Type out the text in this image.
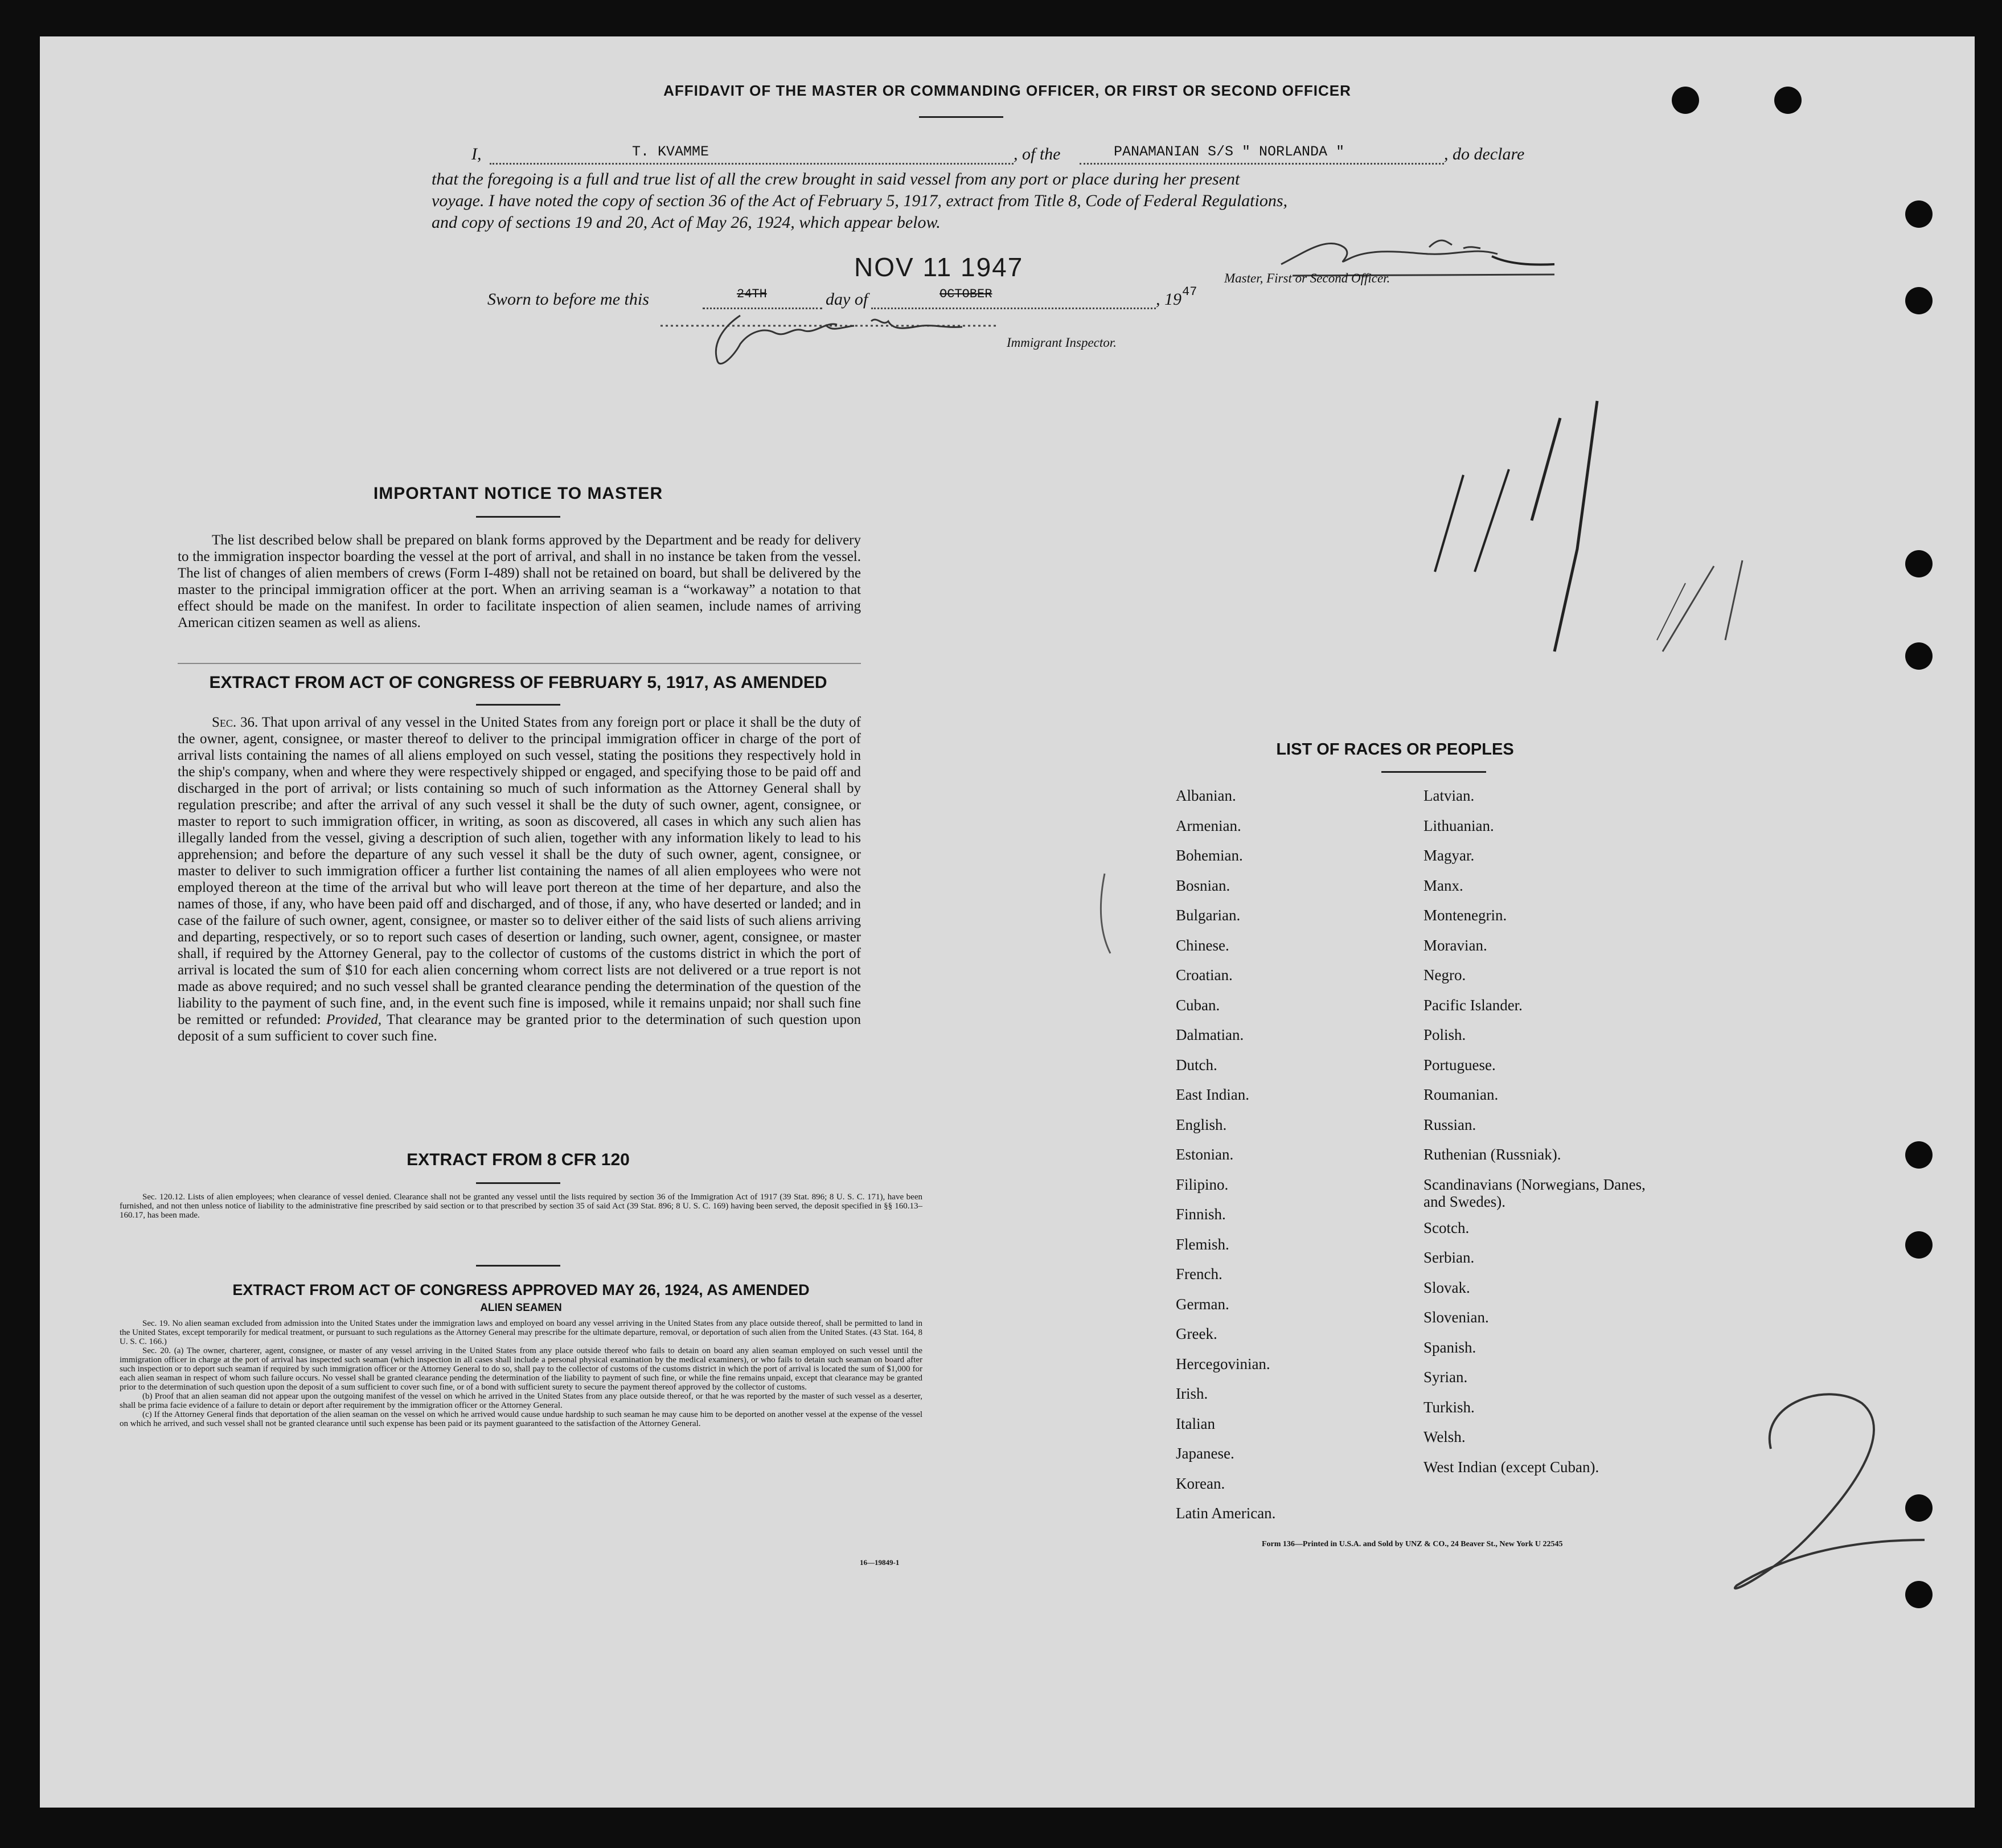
AFFIDAVIT OF THE MASTER OR COMMANDING OFFICER, OR FIRST OR SECOND OFFICER
I,	T. KVAMME	, of the	PANAMANIAN S/S " NORLANDA "	, do declare
that the foregoing is a full and true list of all the crew brought in said vessel from any port or place during her present
voyage. I have noted the copy of section 36 of the Act of February 5, 1917, extract from Title 8, Code of Federal Regulations,
and copy of sections 19 and 20, Act of May 26, 1924, which appear below.
Master, First or Second Officer.
NOV 11 1947
Sworn to before me this	24TH	day of	OCTOBER	, 19 47
Immigrant Inspector.
IMPORTANT NOTICE TO MASTER
The list described below shall be prepared on blank forms approved by the Department and be ready for delivery to the immigration inspector boarding the vessel at the port of arrival, and shall in no instance be taken from the vessel. The list of changes of alien members of crews (Form I-489) shall not be retained on board, but shall be delivered by the master to the principal immigration officer at the port. When an arriving seaman is a “workaway” a notation to that effect should be made on the manifest. In order to facilitate inspection of alien seamen, include names of arriving American citizen seamen as well as aliens.
EXTRACT FROM ACT OF CONGRESS OF FEBRUARY 5, 1917, AS AMENDED
Sec. 36. That upon arrival of any vessel in the United States from any foreign port or place it shall be the duty of the owner, agent, consignee, or master thereof to deliver to the principal immigration officer in charge of the port of arrival lists containing the names of all aliens employed on such vessel, stating the positions they respectively hold in the ship's company, when and where they were respectively shipped or engaged, and specifying those to be paid off and discharged in the port of arrival; or lists containing so much of such information as the Attorney General shall by regulation prescribe; and after the arrival of any such vessel it shall be the duty of such owner, agent, consignee, or master to report to such immigration officer, in writing, as soon as discovered, all cases in which any such alien has illegally landed from the vessel, giving a description of such alien, together with any information likely to lead to his apprehension; and before the departure of any such vessel it shall be the duty of such owner, agent, consignee, or master to deliver to such immigration officer a further list containing the names of all alien employees who were not employed thereon at the time of the arrival but who will leave port thereon at the time of her departure, and also the names of those, if any, who have been paid off and discharged, and of those, if any, who have deserted or landed; and in case of the failure of such owner, agent, consignee, or master so to deliver either of the said lists of such aliens arriving and departing, respectively, or so to report such cases of desertion or landing, such owner, agent, consignee, or master shall, if required by the Attorney General, pay to the collector of customs of the customs district in which the port of arrival is located the sum of $10 for each alien concerning whom correct lists are not delivered or a true report is not made as above required; and no such vessel shall be granted clearance pending the determination of the question of the liability to the payment of such fine, and, in the event such fine is imposed, while it remains unpaid; nor shall such fine be remitted or refunded: Provided, That clearance may be granted prior to the determination of such question upon deposit of a sum sufficient to cover such fine.
EXTRACT FROM 8 CFR 120
Sec. 120.12. Lists of alien employees; when clearance of vessel denied. Clearance shall not be granted any vessel until the lists required by section 36 of the Immigration Act of 1917 (39 Stat. 896; 8 U. S. C. 171), have been furnished, and not then unless notice of liability to the administrative fine prescribed by said section or to that prescribed by section 35 of said Act (39 Stat. 896; 8 U. S. C. 169) having been served, the deposit specified in §§ 160.13–160.17, has been made.
EXTRACT FROM ACT OF CONGRESS APPROVED MAY 26, 1924, AS AMENDED
ALIEN SEAMEN
Sec. 19. No alien seaman excluded from admission into the United States under the immigration laws and employed on board any vessel arriving in the United States from any place outside thereof, shall be permitted to land in the United States, except temporarily for medical treatment, or pursuant to such regulations as the Attorney General may prescribe for the ultimate departure, removal, or deportation of such alien from the United States. (43 Stat. 164, 8 U. S. C. 166.)
Sec. 20. (a) The owner, charterer, agent, consignee, or master of any vessel arriving in the United States from any place outside thereof who fails to detain on board any alien seaman employed on such vessel until the immigration officer in charge at the port of arrival has inspected such seaman (which inspection in all cases shall include a personal physical examination by the medical examiners), or who fails to detain such seaman on board after such inspection or to deport such seaman if required by such immigration officer or the Attorney General to do so, shall pay to the collector of customs of the customs district in which the port of arrival is located the sum of $1,000 for each alien seaman in respect of whom such failure occurs. No vessel shall be granted clearance pending the determination of the liability to payment of such fine, or while the fine remains unpaid, except that clearance may be granted prior to the determination of such question upon the deposit of a sum sufficient to cover such fine, or of a bond with sufficient surety to secure the payment thereof approved by the collector of customs.
(b) Proof that an alien seaman did not appear upon the outgoing manifest of the vessel on which he arrived in the United States from any place outside thereof, or that he was reported by the master of such vessel as a deserter, shall be prima facie evidence of a failure to detain or deport after requirement by the immigration officer or the Attorney General.
(c) If the Attorney General finds that deportation of the alien seaman on the vessel on which he arrived would cause undue hardship to such seaman he may cause him to be deported on another vessel at the expense of the vessel on which he arrived, and such vessel shall not be granted clearance until such expense has been paid or its payment guaranteed to the satisfaction of the Attorney General.
16—19849-1
LIST OF RACES OR PEOPLES
Form 136—Printed in U.S.A. and Sold by UNZ & CO., 24 Beaver St., New York U 22545
2
Albanian.
Armenian.
Bohemian.
Bosnian.
Bulgarian.
Chinese.
Croatian.
Cuban.
Dalmatian.
Dutch.
East Indian.
English.
Estonian.
Filipino.
Finnish.
Flemish.
French.
German.
Greek.
Hercegovinian.
Irish.
Italian
Japanese.
Korean.
Latin American.
Latvian.
Lithuanian.
Magyar.
Manx.
Montenegrin.
Moravian.
Negro.
Pacific Islander.
Polish.
Portuguese.
Roumanian.
Russian.
Ruthenian (Russniak).
Scandinavians (Norwegians, Danes, and Swedes).
Scotch.
Serbian.
Slovak.
Slovenian.
Spanish.
Syrian.
Turkish.
Welsh.
West Indian (except Cuban).
